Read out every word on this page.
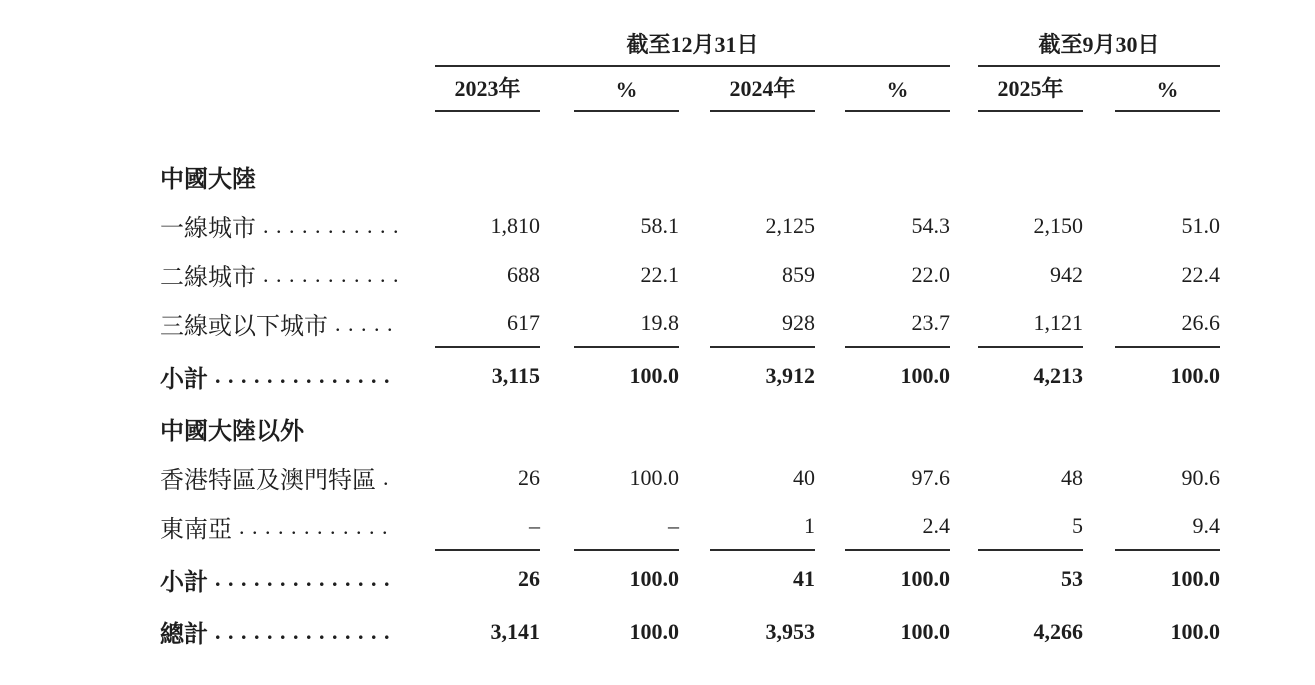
截至12月31日	截至9月30日
2023年	%	2024年	%	2025年	%
中國大陸
一線城市 . . . . . . . . . . .	1,810	58.1	2,125	54.3	2,150	51.0
二線城市 . . . . . . . . . . .	688	22.1	859	22.0	942	22.4
三線或以下城市 . . . . .	617	19.8	928	23.7	1,121	26.6
小計 . . . . . . . . . . . . . .	3,115	100.0	3,912	100.0	4,213	100.0
中國大陸以外
香港特區及澳門特區 .	26	100.0	40	97.6	48	90.6
東南亞 . . . . . . . . . . . .	–	–	1	2.4	5	9.4
小計 . . . . . . . . . . . . . .	26	100.0	41	100.0	53	100.0
總計 . . . . . . . . . . . . . .	3,141	100.0	3,953	100.0	4,266	100.0
